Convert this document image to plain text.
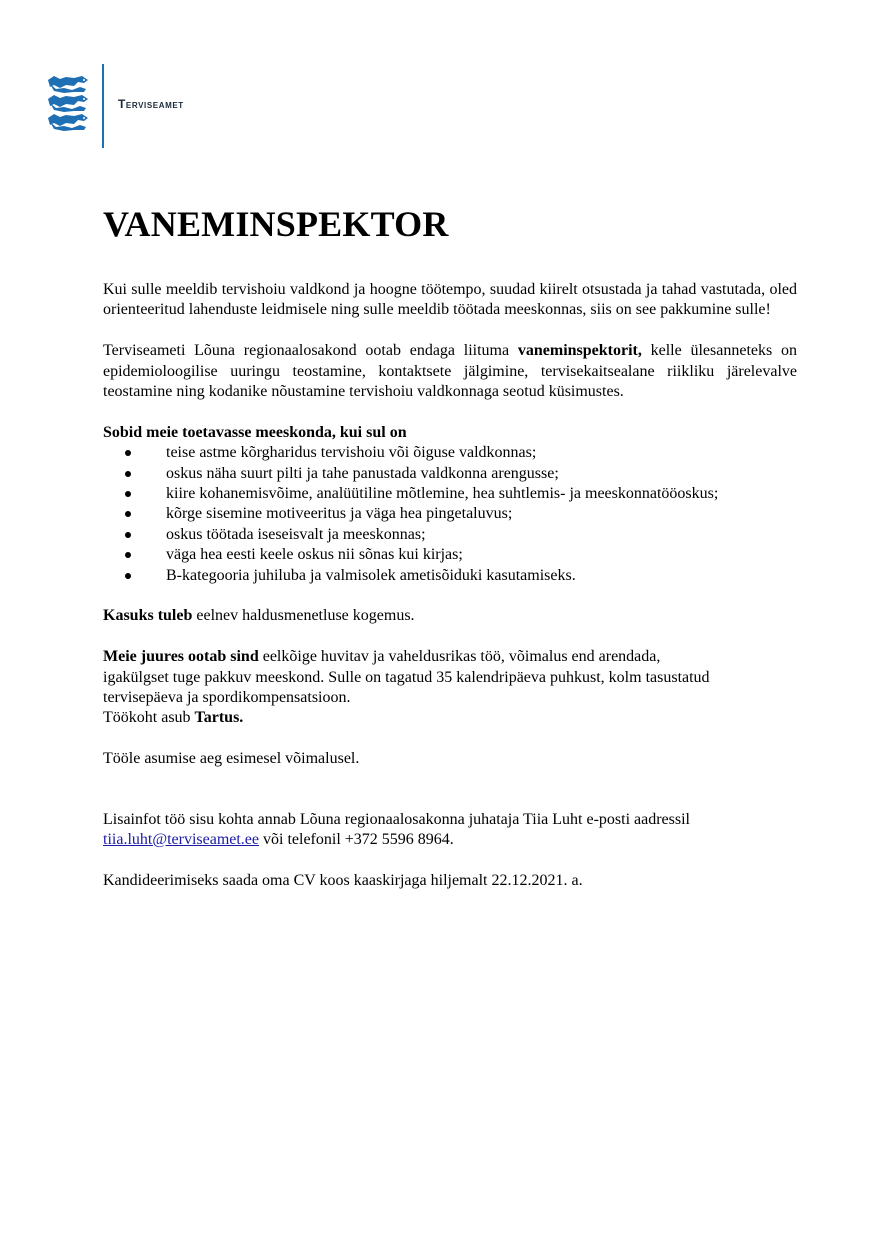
Terviseamet
VANEMINSPEKTOR

Kui sulle meeldib tervishoiu valdkond ja hoogne töötempo, suudad kiirelt otsustada ja tahad vastutada, oled orienteeritud lahenduste leidmisele ning sulle meeldib töötada meeskonnas, siis on see pakkumine sulle!

Terviseameti Lõuna regionaalosakond ootab endaga liituma vaneminspektorit, kelle ülesanneteks on epidemioloogilise uuringu teostamine, kontaktsete jälgimine, tervisekaitsealane riikliku järelevalve teostamine ning kodanike nõustamine tervishoiu valdkonnaga seotud küsimustes.

Sobid meie toetavasse meeskonda, kui sul on

teise astme kõrgharidus tervishoiu või õiguse valdkonnas;
oskus näha suurt pilti ja tahe panustada valdkonna arengusse;
kiire kohanemisvõime, analüütiline mõtlemine, hea suhtlemis- ja meeskonnatööoskus;
kõrge sisemine motiveeritus ja väga hea pingetaluvus;
oskus töötada iseseisvalt ja meeskonnas;
väga hea eesti keele oskus nii sõnas kui kirjas;
B-kategooria juhiluba ja valmisolek ametisõiduki kasutamiseks.

Kasuks tuleb eelnev haldusmenetluse kogemus.

Meie juures ootab sind eelkõige huvitav ja vaheldusrikas töö, võimalus end arendada,
igakülgset tuge pakkuv meeskond. Sulle on tagatud 35 kalendripäeva puhkust, kolm tasustatud
tervisepäeva ja spordikompensatsioon.
Töökoht asub Tartus.

Tööle asumise aeg esimesel võimalusel.

Lisainfot töö sisu kohta annab Lõuna regionaalosakonna juhataja Tiia Luht e-posti aadressil
tiia.luht@terviseamet.ee või telefonil +372 5596 8964.

Kandideerimiseks saada oma CV koos kaaskirjaga hiljemalt 22.12.2021. a.
